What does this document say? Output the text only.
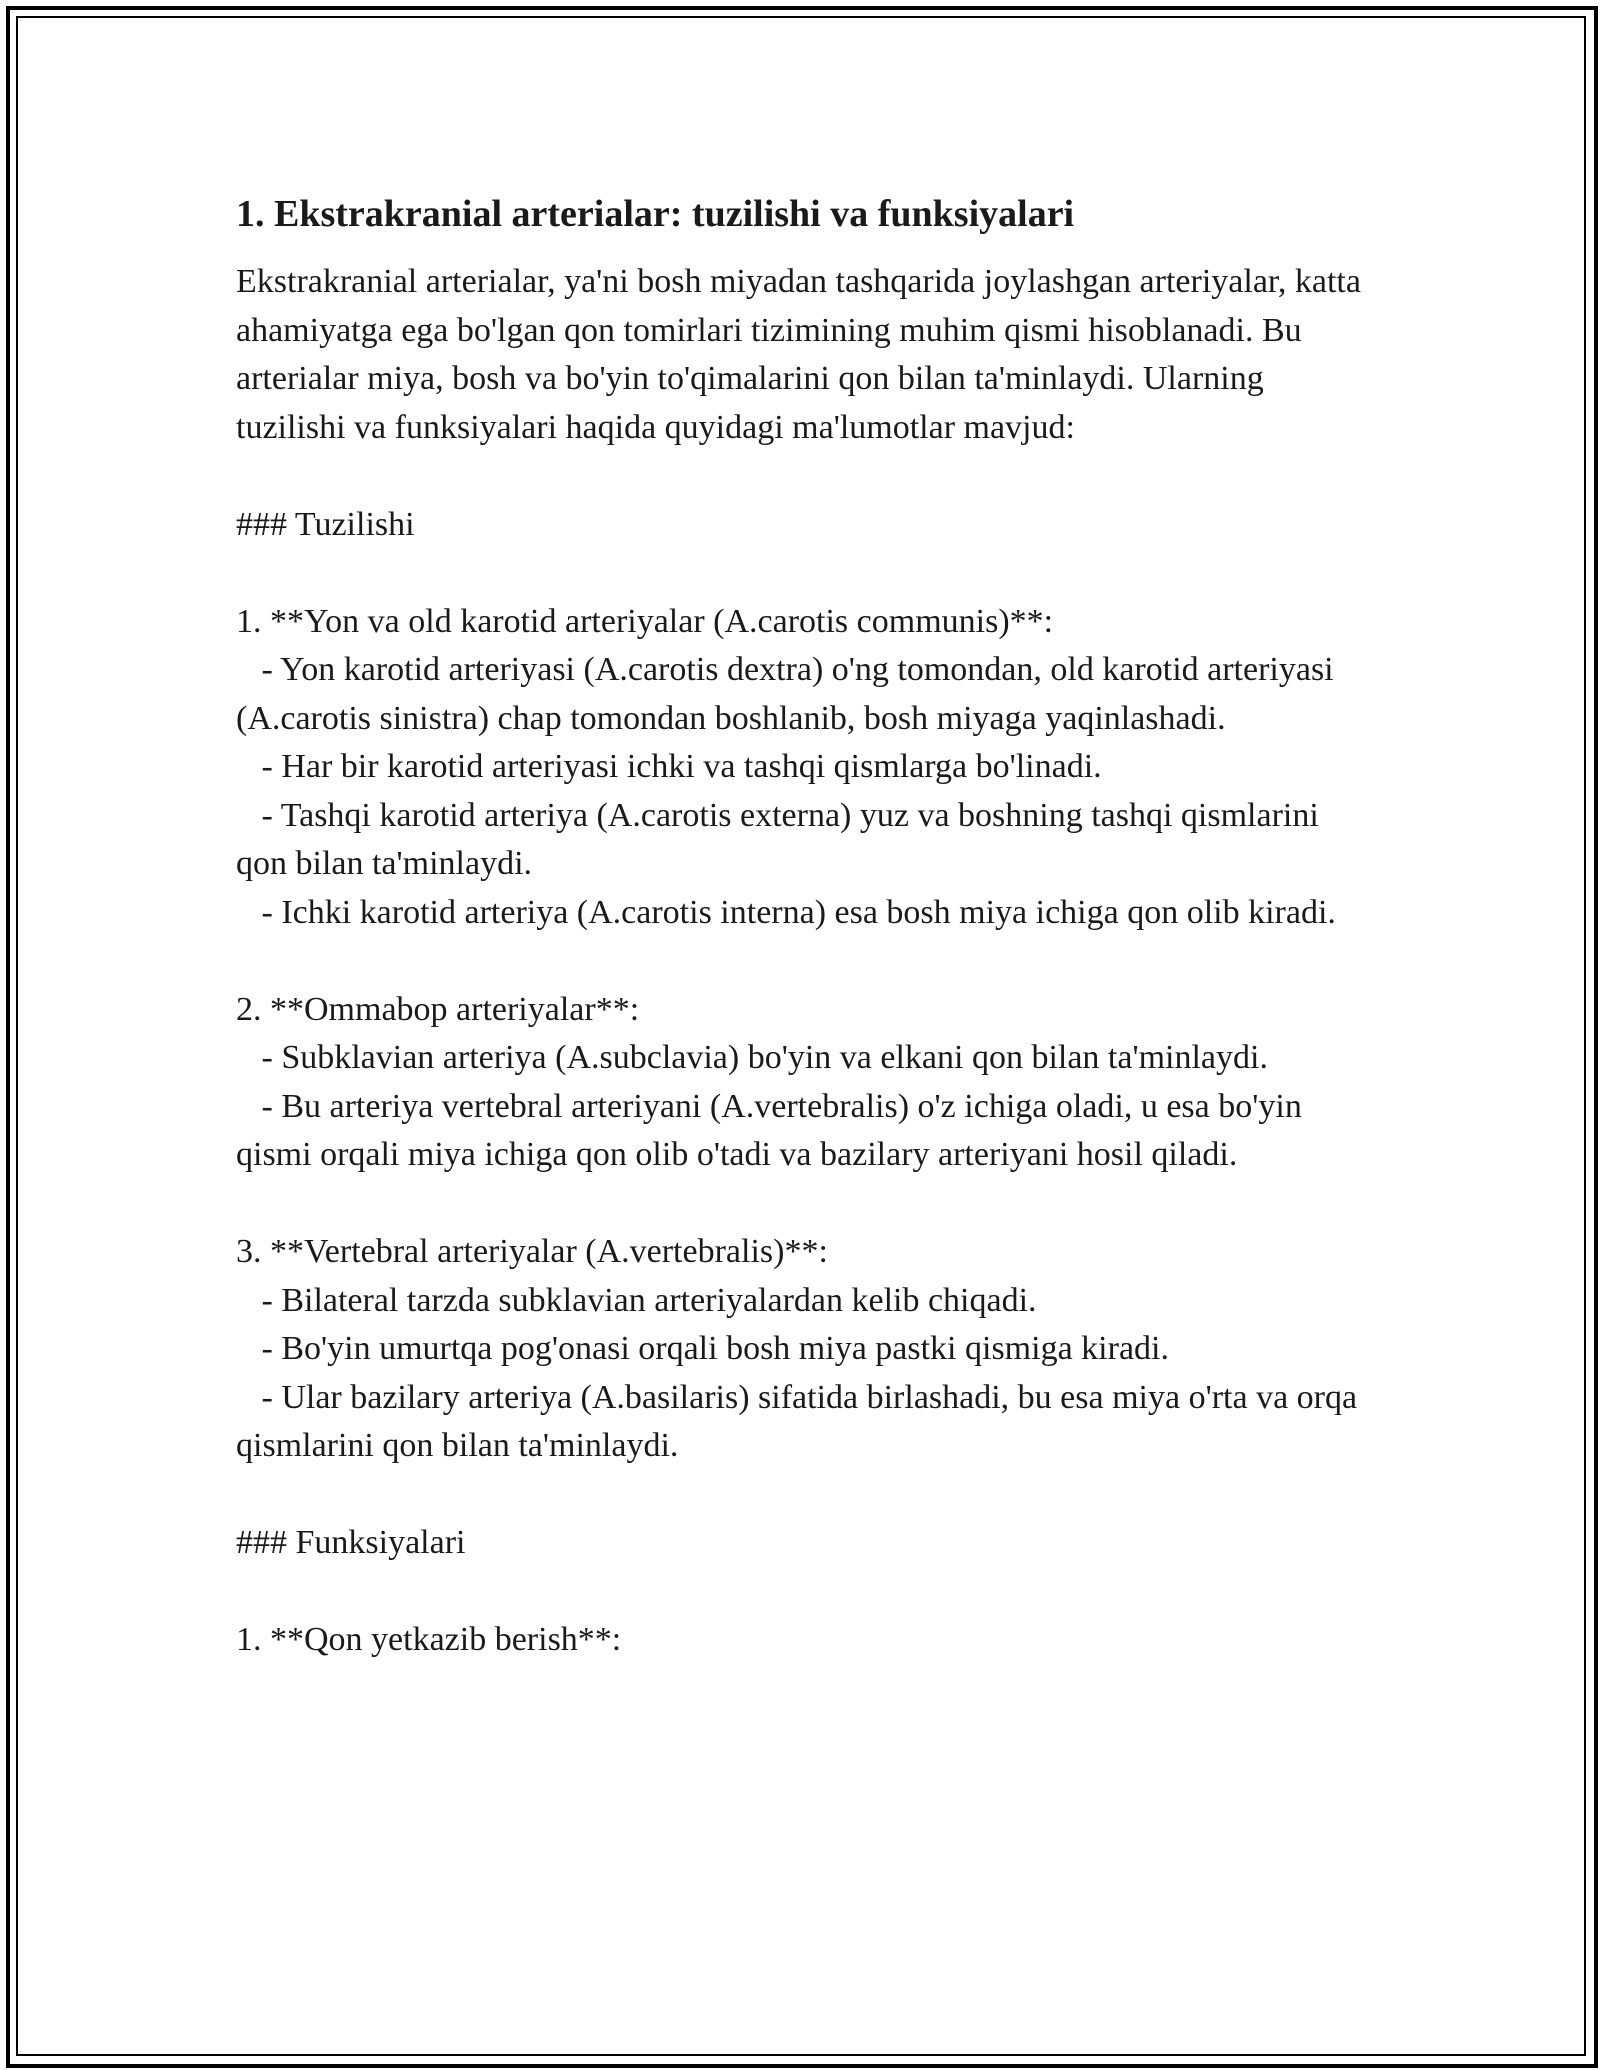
1. Ekstrakranial arterialar: tuzilishi va funksiyalari

Ekstrakranial arterialar, ya'ni bosh miyadan tashqarida joylashgan arteriyalar, katta ahamiyatga ega bo'lgan qon tomirlari tizimining muhim qismi hisoblanadi. Bu arterialar miya, bosh va bo'yin to'qimalarini qon bilan ta'minlaydi. Ularning tuzilishi va funksiyalari haqida quyidagi ma'lumotlar mavjud:

### Tuzilishi

1. **Yon va old karotid arteriyalar (A.carotis communis)**:

- Yon karotid arteriyasi (A.carotis dextra) o'ng tomondan, old karotid arteriyasi (A.carotis sinistra) chap tomondan boshlanib, bosh miyaga yaqinlashadi.

- Har bir karotid arteriyasi ichki va tashqi qismlarga bo'linadi.

- Tashqi karotid arteriya (A.carotis externa) yuz va boshning tashqi qismlarini qon bilan ta'minlaydi.

- Ichki karotid arteriya (A.carotis interna) esa bosh miya ichiga qon olib kiradi.

2. **Ommabop arteriyalar**:

- Subklavian arteriya (A.subclavia) bo'yin va elkani qon bilan ta'minlaydi.

- Bu arteriya vertebral arteriyani (A.vertebralis) o'z ichiga oladi, u esa bo'yin qismi orqali miya ichiga qon olib o'tadi va bazilary arteriyani hosil qiladi.

3. **Vertebral arteriyalar (A.vertebralis)**:

- Bilateral tarzda subklavian arteriyalardan kelib chiqadi.

- Bo'yin umurtqa pog'onasi orqali bosh miya pastki qismiga kiradi.

- Ular bazilary arteriya (A.basilaris) sifatida birlashadi, bu esa miya o'rta va orqa qismlarini qon bilan ta'minlaydi.

### Funksiyalari

1. **Qon yetkazib berish**:
